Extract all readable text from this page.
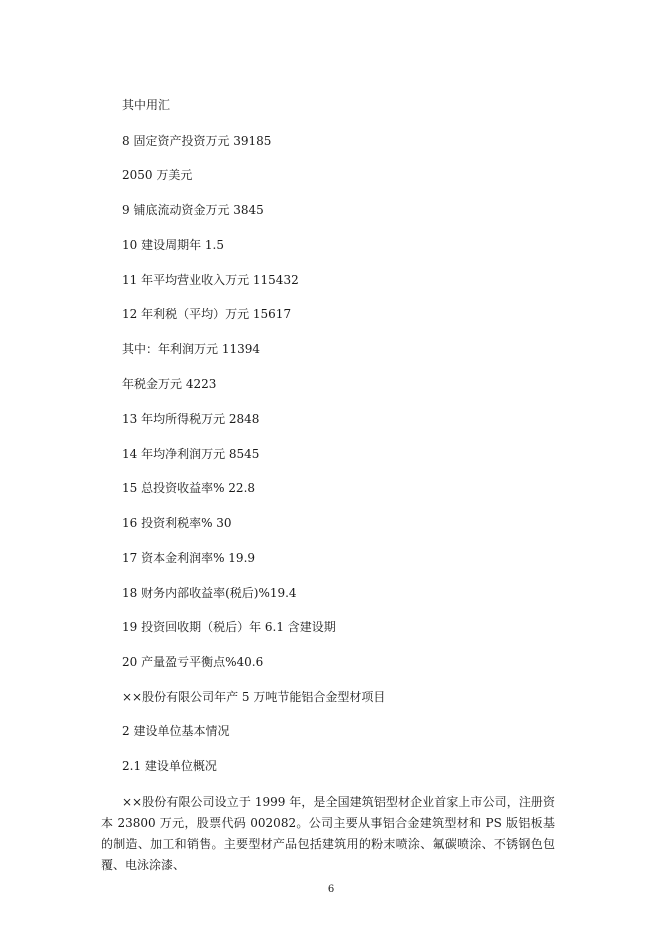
其中用汇
8 固定资产投资万元 39185
2050 万美元
9 铺底流动资金万元 3845
10 建设周期年 1.5
11 年平均营业收入万元 115432
12 年利税（平均）万元 15617
其中：年利润万元 11394
年税金万元 4223
13 年均所得税万元 2848
14 年均净利润万元 8545
15 总投资收益率% 22.8
16 投资利税率% 30
17 资本金利润率% 19.9
18 财务内部收益率(税后)%19.4
19 投资回收期（税后）年 6.1 含建设期
20 产量盈亏平衡点%40.6
××股份有限公司年产 5 万吨节能铝合金型材项目
2 建设单位基本情况
2.1 建设单位概况
××股份有限公司设立于 1999 年，是全国建筑铝型材企业首家上市公司，注册资本 23800 万元，股票代码 002082。公司主要从事铝合金建筑型材和 PS 版铝板基的制造、加工和销售。主要型材产品包括建筑用的粉末喷涂、氟碳喷涂、不锈钢色包覆、电泳涂漆、
6
